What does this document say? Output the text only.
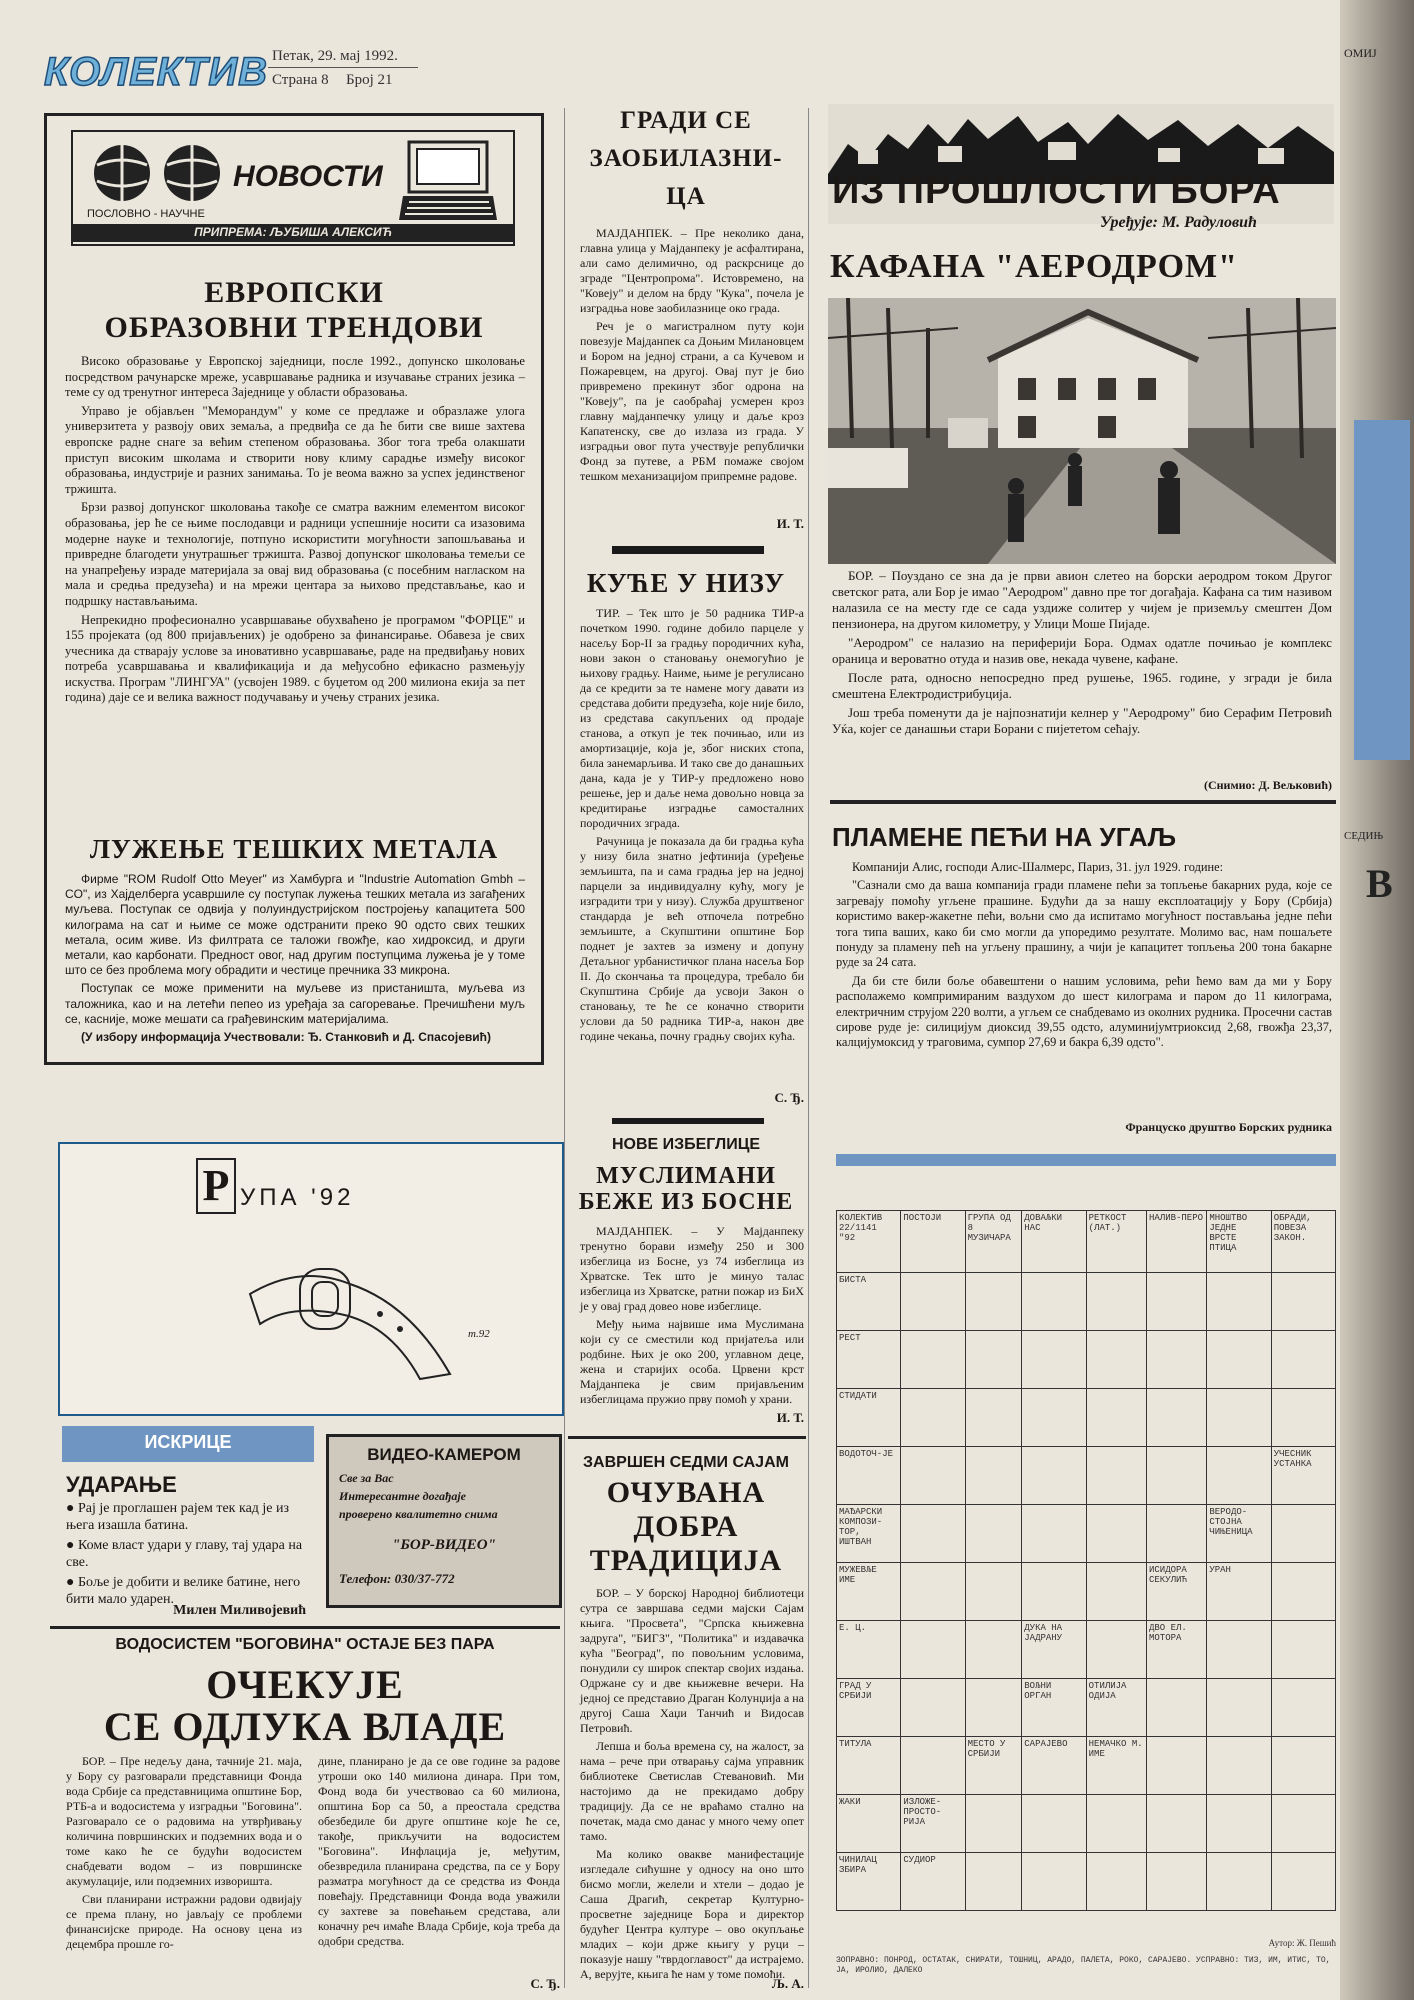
КОЛЕКТИВ Петак, 29. мај 1992.
Страна 8 Број 21
ПОСЛОВНО - НАУЧНЕ
НОВОСТИ
ПРИПРЕМА: ЉУБИША АЛЕКСИЋ
ЕВРОПСКИ
ОБРАЗОВНИ ТРЕНДОВИ

Високо образовање у Европској заједници, после 1992., допунско школовање посредством рачунарске мреже, усавршавање радника и изучавање страних језика – теме су од тренутног интереса Заједнице у области образовања.

Управо је објављен "Меморандум" у коме се предлаже и образлаже улога универзитета у развоју ових земаља, а предвиђа се да ће бити све више захтева европске радне снаге за већим степеном образовања. Због тога треба олакшати приступ високим школама и створити нову климу сарадње између високог образовања, индустрије и разних занимања. То је веома важно за успех јединственог тржишта.

Брзи развој допунског школовања такође се сматра важним елементом високог образовања, јер ће се њиме послодавци и радници успешније носити са изазовима модерне науке и технологије, потпуно искористити могућности запошљавања и привредне благодети унутрашњег тржишта. Развој допунског школовања темељи се на унапређењу израде материјала за овај вид образовања (с посебним нагласком на мала и средња предузећа) и на мрежи центара за њихово представљање, као и подршку настављањима.

Непрекидно професионално усавршавање обухваћено је програмом "ФОРЦЕ" и 155 пројеката (од 800 пријављених) је одобрено за финансирање. Обавеза је свих учесника да стварају услове за иновативно усавршавање, раде на предвиђању нових потреба усавршавања и квалификација и да међусобно ефикасно размењују искуства. Програм "ЛИНГУА" (усвојен 1989. с буџетом од 200 милиона екија за пет година) даје се и велика важност подучавању и учењу страних језика.

ЛУЖЕЊЕ ТЕШКИХ МЕТАЛА

Фирме "ROM Rudolf Otto Meyer" из Хамбурга и "Industrie Automation Gmbh – CO", из Хајделберга усавршиле су поступак лужења тешких метала из загађених муљева. Поступак се одвија у полуиндустријском постројењу капацитета 500 килограма на сат и њиме се може одстранити преко 90 одсто свих тешких метала, осим живе. Из филтрата се таложи гвожђе, као хидроксид, и други метали, као карбонати. Предност овог, над другим поступцима лужења је у томе што се без проблема могу обрадити и честице пречника 33 микрона.

Поступак се може применити на муљеве из пристаништа, муљева из таложника, као и на летећи пепео из уређаја за сагоревање. Пречишћени муљ се, касније, може мешати са грађевинским материјалима.

(У избору информација Учествовали: Ђ. Станковић и Д. Спасојевић)

Р УПА '92
m.92
ИСКРИЦЕ
УДАРАЊЕ
● Рај је проглашен рајем тек кад је из њега изашла батина.
● Коме власт удари у главу, тај удара на све.
● Боље је добити и велике батине, него бити мало ударен.
Милен Миливојевић
ВИДЕО-КАМЕРОМ
Све за Вас
Интересантне догађаје
проверено квалитетно снима
"БОР-ВИДЕО"
Телефон: 030/37-772
ВОДОСИСТЕМ "БОГОВИНА" ОСТАЈЕ БЕЗ ПАРА
ОЧЕКУЈЕ
СЕ ОДЛУКА ВЛАДЕ

БОР. – Пре недељу дана, тачније 21. маја, у Бору су разговарали представници Фонда вода Србије са представницима општине Бор, РТБ-а и водосистема у изградњи "Боговина". Разговарало се о радовима на утврђивању количина површинских и подземних вода и о томе како ће се будући водосистем снабдевати водом – из површинске акумулације, или подземних изворишта.

Сви планирани истражни радови одвијају се према плану, но јављају се проблеми финансијске природе. На основу цена из децембра прошле го-

дине, планирано је да се ове године за радове утроши око 140 милиона динара. При том, Фонд вода би учествовао са 60 милиона, општина Бор са 50, а преостала средства обезбедиле би друге општине које ће се, такође, прикључити на водосистем "Боговина". Инфлација је, међутим, обезвредила планирана средства, па се у Бору разматра могућност да се средства из Фонда повећају. Представници Фонда вода уважили су захтеве за повећањем средстава, али коначну реч имаће Влада Србије, која треба да одобри средства.

С. Ђ.
ГРАДИ СЕ
ЗАОБИЛАЗНИ-
ЦА

МАЈДАНПЕК. – Пре неколико дана, главна улица у Мајданпеку је асфалтирана, али само делимично, од раскрснице до зграде "Центропрома". Истовремено, на "Ковеју" и делом на брду "Кука", почела је изградња нове заобилазнице око града.

Реч је о магистралном путу који повезује Мајданпек са Доњим Милановцем и Бором на једној страни, а са Кучевом и Пожаревцем, на другој. Овај пут је био привремено прекинут због одрона на "Ковеју", па је саобраћај усмерен кроз главну мајданпечку улицу и даље кроз Капатенску, све до излаза из града. У изградњи овог пута учествује републички Фонд за путеве, а РБМ помаже својом тешком механизацијом припремне радове.

И. Т.
КУЋЕ У НИЗУ

ТИР. – Тек што је 50 радника ТИР-а почетком 1990. године добило парцеле у насељу Бор-II за градњу породичних кућа, нови закон о становању онемогућио је њихову градњу. Наиме, њиме је регулисано да се кредити за те намене могу давати из средстава добити предузећа, које није било, из средстава сакупљених од продаје станова, а откуп је тек почињао, или из амортизације, која је, због нискиx стопа, била занемарљива. И тако све до данашњих дана, када је у ТИР-у предложено ново решење, јер и даље нема довољно новца за кредитирање изградње самосталних породичних зграда.

Рачуница је показала да би градња кућа у низу била знатно јефтинија (уређење земљишта, па и сама градња јер на једној парцели за индивидуалну кућу, могу је изградити три у низу). Служба друштвеног стандарда је већ отпочела потребно земљиште, а Скупштини општине Бор поднет је захтев за измену и допуну Детаљног урбанистичког плана насеља Бор II. До скончања та процедура, требало би Скупштина Србије да усвоји Закон о становању, те ће се коначно створити услови да 50 радника ТИР-а, након две године чекања, почну градњу својих кућа.

С. Ђ.
НОВЕ ИЗБЕГЛИЦЕ
МУСЛИМАНИ
БЕЖЕ ИЗ БОСНЕ

МАЈДАНПЕК. – У Мајданпеку тренутно борави између 250 и 300 избеглица из Босне, уз 74 избеглица из Хрватске. Тек што је минуо талас избеглица из Хрватске, ратни пожар из БиХ је у овај град довео нове избеглице.

Међу њима највише има Муслимана који су се сместили код пријатеља или родбине. Њих је око 200, углавном деце, жена и старијих особа. Црвени крст Мајданпека је свим пријављеним избеглицама пружио прву помоћ у храни.

И. Т.
ЗАВРШЕН СЕДМИ САЈАМ
ОЧУВАНА
ДОБРА
ТРАДИЦИЈА

БОР. – У борској Народној библиотеци сутра се завршава седми мајски Сајам књига. "Просвета", "Српска књижевна задруга", "БИГЗ", "Политика" и издавачка кућа "Београд", по повољним условима, понудили су широк спектар својих издања. Одржане су и две књижевне вечери. На једној се представио Драган Колунџија а на другој Саша Хаџи Танчић и Видосав Петровић.

Лепша и боља времена су, на жалост, за нама – рече при отварању сајма управник библиотеке Светислав Стевановић. Ми настојимо да не прекидамо добру традицију. Да се не враћамо стално на почетак, мада смо данас у много чему опет тамо.

Ма колико овакве манифестације изгледале сићушне у односу на оно што бисмо могли, желели и хтели – додао је Саша Драгић, секретар Културно-просветне заједнице Бора и директор будућег Центра културе – ово окупљање младих – који држе књигу у руци – показује нашу "тврдоглавост" да истрајемо. А, верујте, књига ће нам у томе помоћи.

Љ. А.
ИЗ ПРОШЛОСТИ БОРА
Уређује: М. Радуловић
КАФАНА "АЕРОДРОМ"

БОР. – Поуздано се зна да је први авион слетео на борски аеродром током Другог светског рата, али Бор је имао "Аеродром" давно пре тог догађаја. Кафана са тим називом налазила се на месту где се сада уздиже солитер у чијем је приземљу смештен Дом пензионера, на другом километру, у Улици Моше Пијаде.

"Аеродром" се налазио на периферији Бора. Одмах одатле почињао је комплекс ораница и вероватно отуда и назив ове, некада чувене, кафане.

После рата, односно непосредно пред рушење, 1965. године, у згради је била смештена Електродистрибуција.

Још треба поменути да је најпознатији келнер у "Аеродрому" био Серафим Петровић Уќа, којег се данашњи стари Борани с пијететом сећају.

(Снимио: Д. Вељковић)
ПЛАМЕНЕ ПЕЋИ НА УГАЉ

Компанији Алис, господи Алис-Шалмерс, Париз, 31. јул 1929. године:

"Сазнали смо да ваша компанија гради пламене пећи за топљење бакарних руда, које се загревају помоћу угљене прашине. Будући да за нашу експлоатацију у Бору (Србија) користимо вакер-жакетне пећи, вољни смо да испитамо могућност постављања једне пећи тога типа ваших, како би смо могли да упоредимо резултате. Молимо вас, нам пошаљете понуду за пламену пећ на угљену прашину, а чији је капацитет топљења 200 тона бакарне руде за 24 сата.

Да би сте били боље обавештени о нашим условима, рећи ћемо вам да ми у Бору располажемо компримираним ваздухом до шест килограма и паром до 11 килограма, електричним струјом 220 волти, а угљем се снабдевамо из околних рудника. Просечни састав сирове руде је: силицијум диоксид 39,55 одсто, алуминијумтриоксид 2,68, гвожђа 23,37, калцијумоксид у траговима, сумпор 27,69 и бакра 6,39 одсто".

Француско друштво Борских рудника
КОЛЕКТИВ 22/1141 "92	ПОСТОЈИ	ГРУПА ОД 8 МУЗИЧАРА	ДОВАЉКИ НАС	РЕТКОСТ (ЛАТ.)	НАЛИВ-ПЕРО	МНОШТВО ЈЕДНЕ ВРСТЕ ПТИЦА	ОБРАДИ, ПОВЕЗА ЗАКОН.
БИСТА							
РЕСТ							
СТИДАТИ							
ВОДОТОЧ-ЈЕ							УЧЕСНИК УСТАНКА
МАЂАРСКИ КОМПОЗИ-ТОР, ИШТВАН						ВЕРОДО-СТОЈНА ЧИЊЕНИЦА	
МУЖЕВЉЕ ИМЕ					ИСИДОРА СЕКУЛИЋ	УРАН	
Е. Ц.			ДУКА НА ЈАДРАНУ		ДВО ЕЛ. МОТОРА		
ГРАД У СРБИЈИ			ВОЉНИ ОРГАН	ОТИЛИЈА ОДИЈА			
ТИТУЛА		МЕСТО У СРБИЈИ	САРАЈЕВО	НЕМАЧКО М. ИМЕ			
ЖАКИ	ИЗЛОЖЕ-ПРОСТО-РИЈА						
ЧИНИЛАЦ ЗБИРА	СУДИОР						
ЗОПРАВНО: ПОНРОД, ОСТАТАК, СНИРАТИ, ТОШНИЦ, АРАДО, ПАЛЕТА, РОКО, САРАЈЕВО. УСПРАВНО: ТИЗ, ИМ, ИТИС, ТО, ЈА, ИРОЛИО, ДАЛЕКО
Аутор: Ж. Пешић
ОМИЈ
В
СЕДИЊ
